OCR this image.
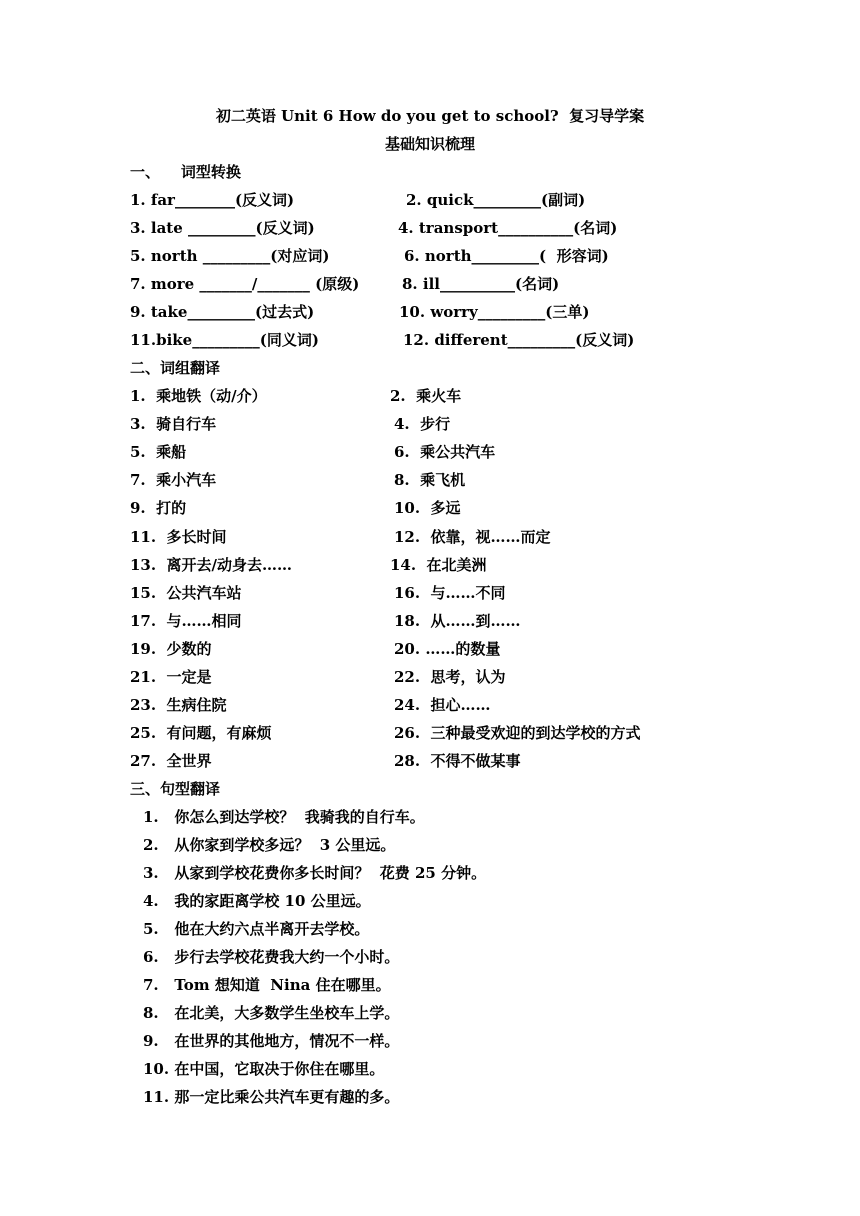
初二英语 Unit 6 How do you get to school?  复习导学案
基础知识梳理
一、    词型转换
1. far________(反义词)	2. quick_________(副词)
3. late _________(反义词)	4. transport__________(名词)
5. north _________(对应词)	6. north_________(  形容词)
7. more _______/_______ (原级)	8. ill__________(名词)
9. take_________(过去式)	10. worry_________(三单)
11.bike_________(同义词)	12. different_________(反义词)
二、词组翻译
1.  乘地铁（动/介）	2.  乘火车
3.  骑自行车	4.  步行
5.  乘船	6.  乘公共汽车
7.  乘小汽车	8.  乘飞机
9.  打的	10.  多远
11.  多长时间	12.  依靠，视……而定
13.  离开去/动身去……	14.  在北美洲
15.  公共汽车站	16.  与……不同
17.  与……相同	18.  从……到……
19.  少数的	20. ……的数量
21.  一定是	22.  思考，认为
23.  生病住院	24.  担心……
25.  有问题，有麻烦	26.  三种最受欢迎的到达学校的方式
27.  全世界	28.  不得不做某事
三、句型翻译
1.   你怎么到达学校？  我骑我的自行车。
2.   从你家到学校多远？  3 公里远。
3.   从家到学校花费你多长时间？  花费 25 分钟。
4.   我的家距离学校 10 公里远。
5.   他在大约六点半离开去学校。
6.   步行去学校花费我大约一个小时。
7.   Tom 想知道  Nina 住在哪里。
8.   在北美，大多数学生坐校车上学。
9.   在世界的其他地方，情况不一样。
10. 在中国，它取决于你住在哪里。
11. 那一定比乘公共汽车更有趣的多。
